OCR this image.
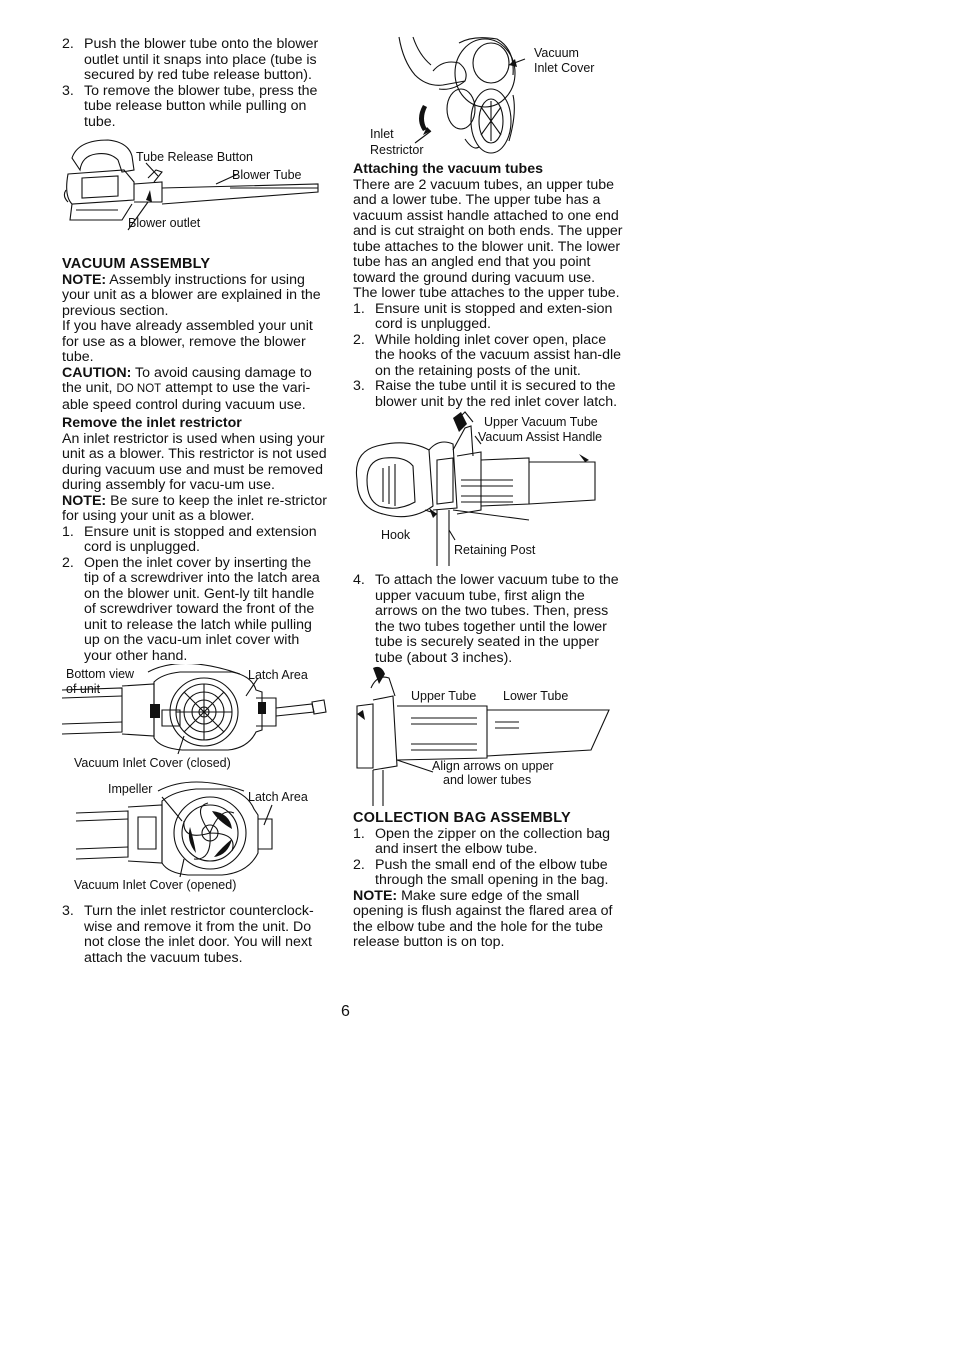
2. Push the blower tube onto the blower outlet until it snaps into place (tube is secured by red tube release button).
3. To remove the blower tube, press the tube release button while pulling on tube.
Tube Release Button
Blower Tube
Blower outlet
VACUUM ASSEMBLY

NOTE: Assembly instructions for using your unit as a blower are explained in the previous section.

If you have already assembled your unit for use as a blower, remove the blower tube.

CAUTION: To avoid causing damage to the unit, DO NOT attempt to use the vari-able speed control during vacuum use.

Remove the inlet restrictor

An inlet restrictor is used when using your unit as a blower. This restrictor is not used during vacuum use and must be removed during assembly for vacu-um use.

NOTE: Be sure to keep the inlet re-strictor for using your unit as a blower.

1. Ensure unit is stopped and extension cord is unplugged.
2. Open the inlet cover by inserting the tip of a screwdriver into the latch area on the blower unit. Gent-ly tilt handle of screwdriver toward the front of the unit to release the latch while pulling up on the vacu-um inlet cover with your other hand.
Bottom view
of unit
Latch Area
Vacuum Inlet Cover (closed)
Impeller
Latch Area
Vacuum Inlet Cover (opened)
3. Turn the inlet restrictor counterclock-wise and remove it from the unit. Do not close the inlet door. You will next attach the vacuum tubes.
Vacuum
Inlet Cover
Inlet
Restrictor
Attaching the vacuum tubes

There are 2 vacuum tubes, an upper tube and a lower tube. The upper tube has a vacuum assist handle attached to one end and is cut straight on both ends. The upper tube attaches to the blower unit. The lower tube has an angled end that you point toward the ground during vacuum use. The lower tube attaches to the upper tube.

1. Ensure unit is stopped and exten-sion cord is unplugged.
2. While holding inlet cover open, place the hooks of the vacuum assist han-dle on the retaining posts of the unit.
3. Raise the tube until it is secured to the blower unit by the red inlet cover latch.
Upper Vacuum Tube
Vacuum Assist Handle
Hook
Retaining Post
4. To attach the lower vacuum tube to the upper vacuum tube, first align the arrows on the two tubes. Then, press the two tubes together until the lower tube is securely seated in the upper tube (about 3 inches).
Upper Tube Lower Tube
Align arrows on upper
and lower tubes
COLLECTION BAG ASSEMBLY
1. Open the zipper on the collection bag and insert the elbow tube.
2. Push the small end of the elbow tube through the small opening in the bag.

NOTE: Make sure edge of the small opening is flush against the flared area of the elbow tube and the hole for the tube release button is on top.

6
